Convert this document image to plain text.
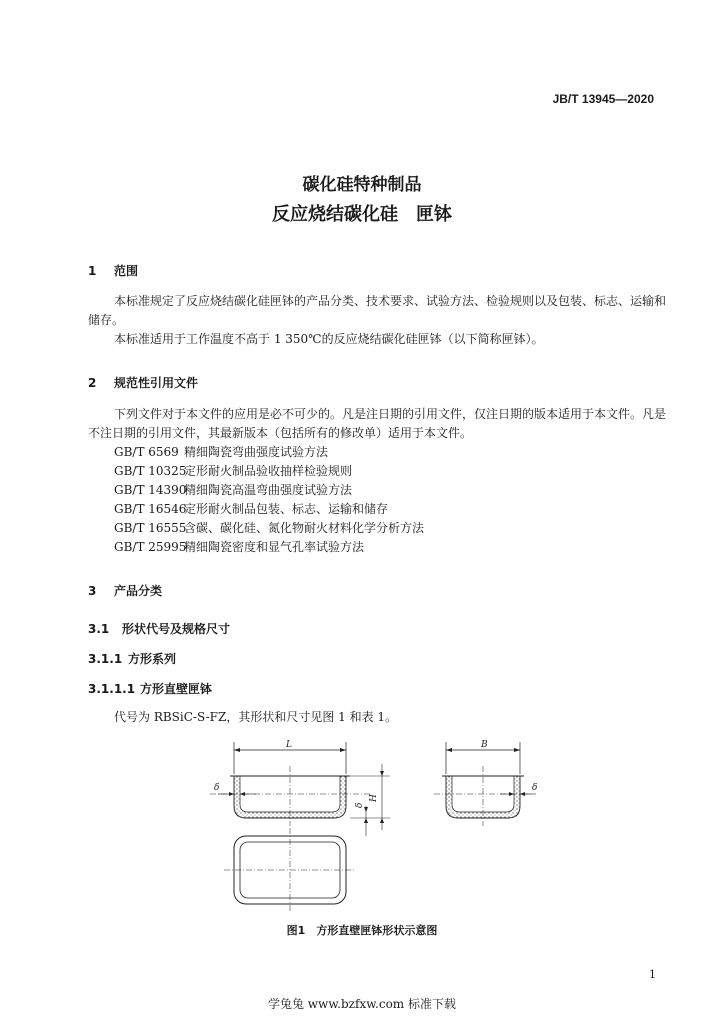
JB/T 13945—2020
碳化硅特种制品
反应烧结碳化硅　匣钵
1 范围
本标准规定了反应烧结碳化硅匣钵的产品分类、技术要求、试验方法、检验规则以及包装、标志、运输和储存。
本标准适用于工作温度不高于 1 350℃的反应烧结碳化硅匣钵（以下简称匣钵）。
2 规范性引用文件
下列文件对于本文件的应用是必不可少的。凡是注日期的引用文件，仅注日期的版本适用于本文件。凡是不注日期的引用文件，其最新版本（包括所有的修改单）适用于本文件。
GB/T 6569 精细陶瓷弯曲强度试验方法
GB/T 10325定形耐火制品验收抽样检验规则
GB/T 14390精细陶瓷高温弯曲强度试验方法
GB/T 16546定形耐火制品包装、标志、运输和储存
GB/T 16555含碳、碳化硅、氮化物耐火材料化学分析方法
GB/T 25995精细陶瓷密度和显气孔率试验方法
3 产品分类
3.1 形状代号及规格尺寸
3.1.1 方形系列
3.1.1.1 方形直壁匣钵
代号为 RBSiC-S-FZ，其形状和尺寸见图 1 和表 1。
L
δ
H
δ
B
δ
图1　方形直壁匣钵形状示意图
1
学兔兔 www.bzfxw.com 标准下载
